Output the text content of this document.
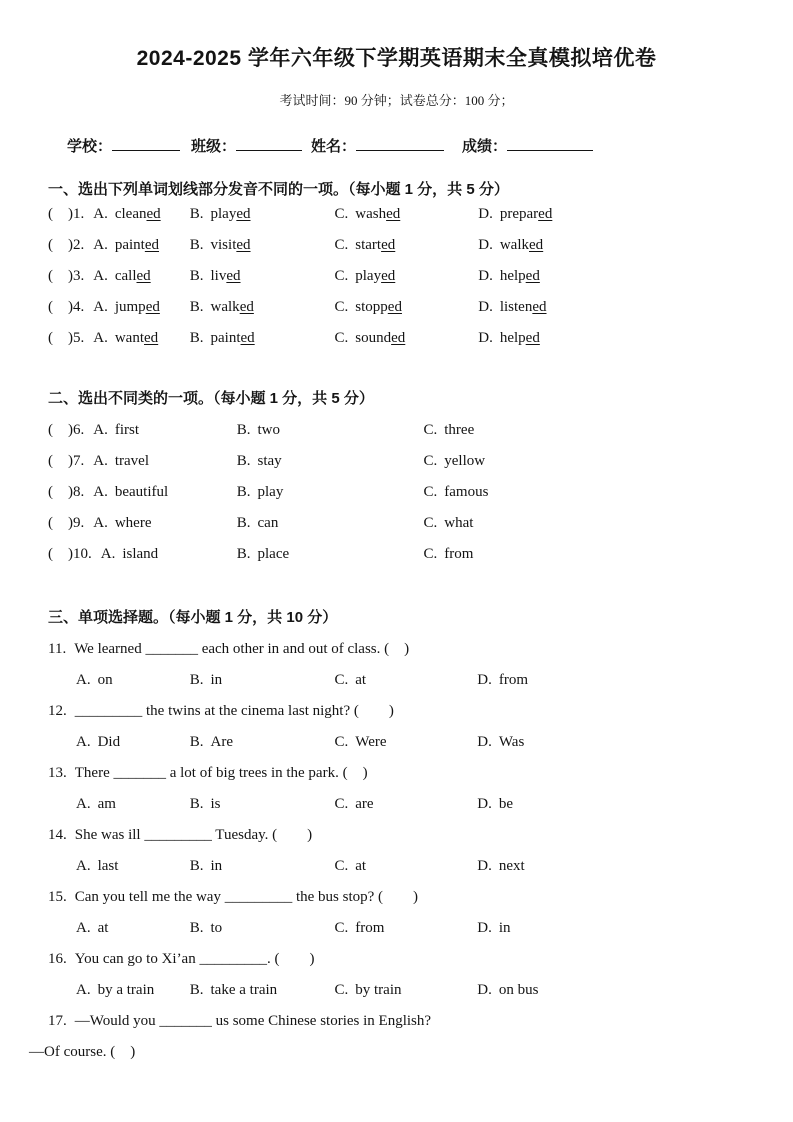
2024-2025 学年六年级下学期英语期末全真模拟培优卷
考试时间：90 分钟；试卷总分：100 分；
学校：	班级：	姓名：	成绩：
一、选出下列单词划线部分发音不同的一项。（每小题 1 分，共 5 分）
(　)1. A. cleaned B. played	C. washed	D. prepared
(　)2. A. painted B. visited	C. started	D. walked
(　)3. A. called	B. lived	C. played	D. helped
(　)4. A. jumped B. walked	C. stopped	D. listened
(　)5. A. wanted B. painted	C. sounded	D. helped
二、选出不同类的一项。（每小题 1 分，共 5 分）
(　)6. A. first	B. two	C. three
(　)7. A. travel	B. stay	C. yellow
(　)8. A. beautiful	B. play	C. famous
(　)9. A. where	B. can	C. what
(　)10. A. island	B. place	C. from
三、单项选择题。（每小题 1 分，共 10 分）
11. We learned _______ each other in and out of class. (　)
A. on	B. in	C. at	D. from
12. _________ the twins at the cinema last night? (　　)
A. Did	B. Are	C. Were	D. Was
13. There _______ a lot of big trees in the park. (　)
A. am	B. is	C. are	D. be
14. She was ill _________ Tuesday. (　　)
A. last	B. in	C. at	D. next
15. Can you tell me the way _________ the bus stop? (　　)
A. at	B. to	C. from	D. in
16. You can go to Xi’an _________. (　　)
A. by a train B. take a train	C. by train	D. on bus
17. —Would you _______ us some Chinese stories in English?
—Of course. (　)
